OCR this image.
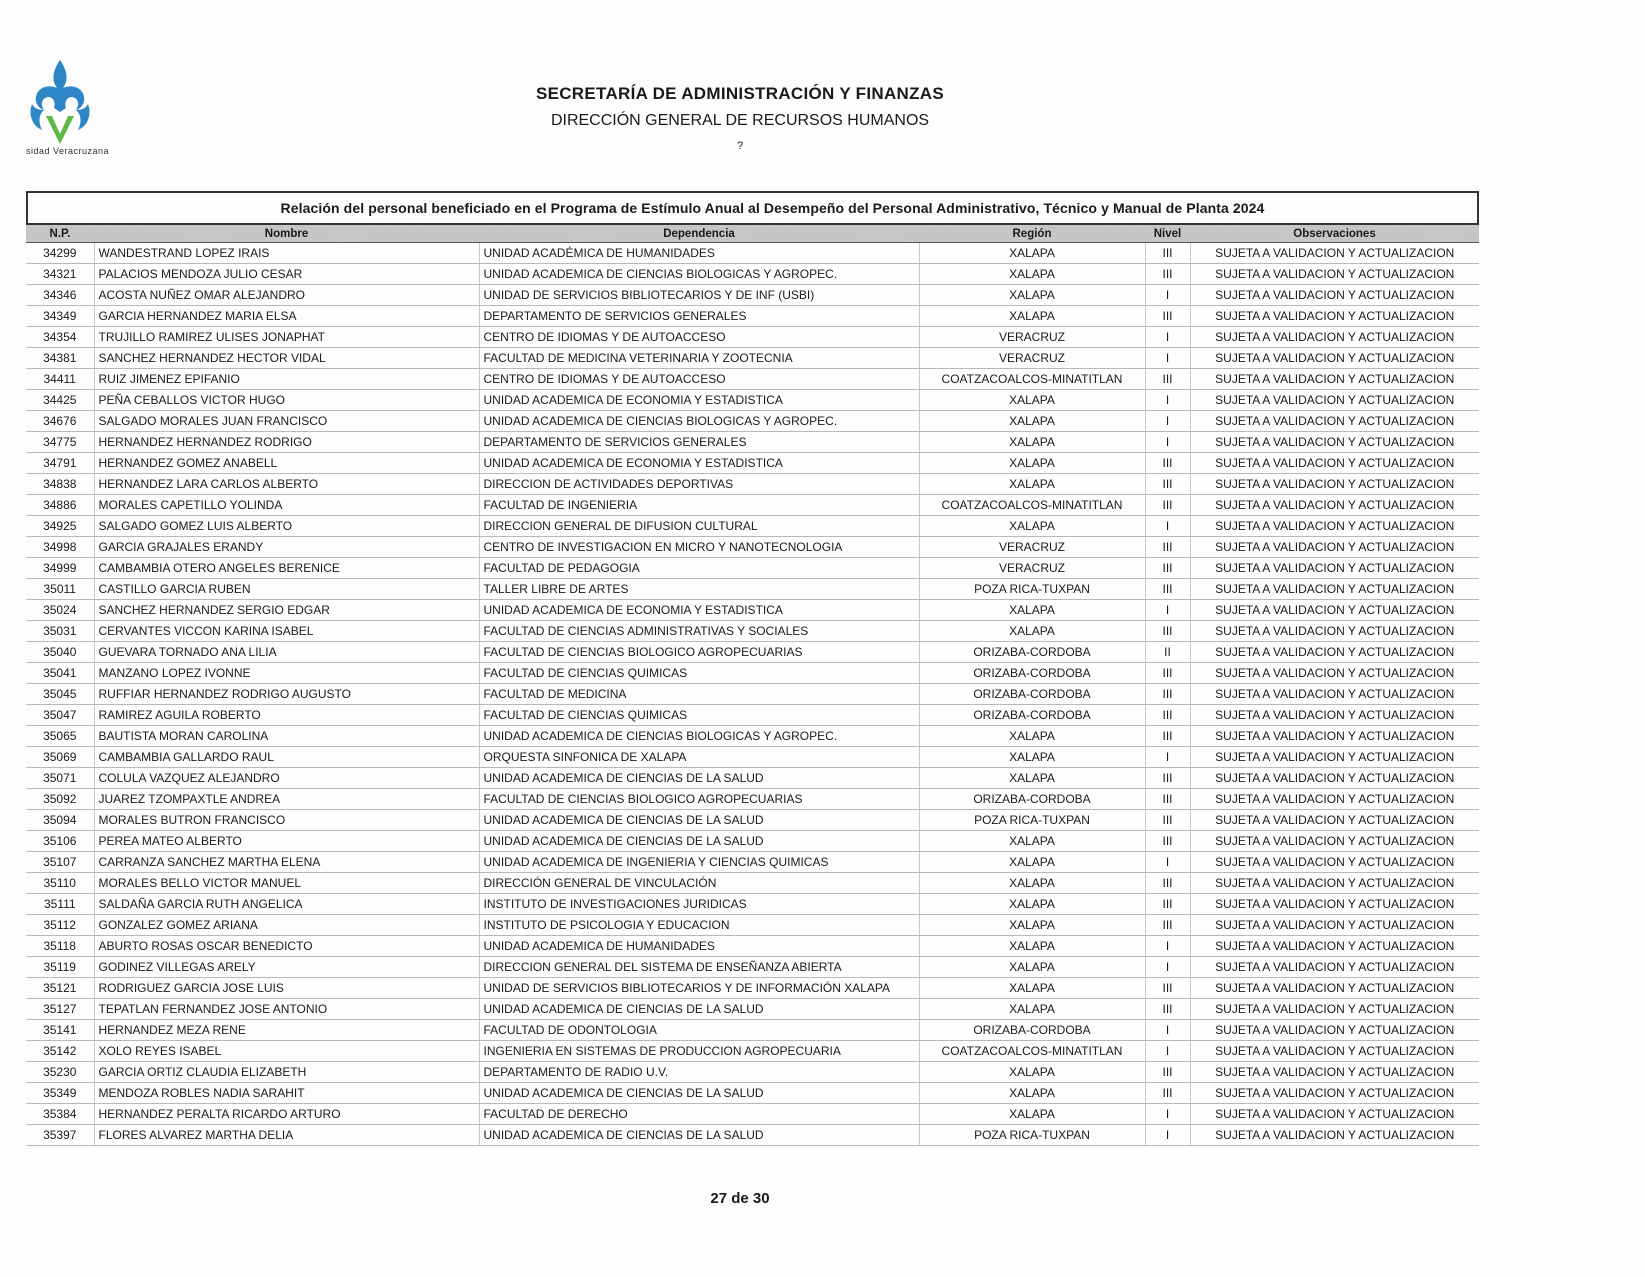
sidad Veracruzana
SECRETARÍA DE ADMINISTRACIÓN Y FINANZAS
DIRECCIÓN GENERAL DE RECURSOS HUMANOS
?
Relación del personal beneficiado en el Programa de Estímulo Anual al Desempeño del Personal Administrativo, Técnico y Manual de Planta 2024
N.P.	Nombre	Dependencia	Región	Nivel	Observaciones
34299	WANDESTRAND LOPEZ IRAIS	UNIDAD ACADÉMICA DE HUMANIDADES	XALAPA	III	SUJETA A VALIDACION Y ACTUALIZACION
34321	PALACIOS MENDOZA JULIO CESAR	UNIDAD ACADEMICA DE CIENCIAS BIOLOGICAS Y AGROPEC.	XALAPA	III	SUJETA A VALIDACION Y ACTUALIZACION
34346	ACOSTA NUÑEZ OMAR ALEJANDRO	UNIDAD DE SERVICIOS BIBLIOTECARIOS Y DE INF (USBI)	XALAPA	I	SUJETA A VALIDACION Y ACTUALIZACION
34349	GARCIA HERNANDEZ MARIA ELSA	DEPARTAMENTO DE SERVICIOS GENERALES	XALAPA	III	SUJETA A VALIDACION Y ACTUALIZACION
34354	TRUJILLO RAMIREZ ULISES JONAPHAT	CENTRO DE IDIOMAS Y DE AUTOACCESO	VERACRUZ	I	SUJETA A VALIDACION Y ACTUALIZACION
34381	SANCHEZ HERNANDEZ HECTOR VIDAL	FACULTAD DE MEDICINA VETERINARIA Y ZOOTECNIA	VERACRUZ	I	SUJETA A VALIDACION Y ACTUALIZACION
34411	RUIZ JIMENEZ EPIFANIO	CENTRO DE IDIOMAS Y DE AUTOACCESO	COATZACOALCOS-MINATITLAN	III	SUJETA A VALIDACION Y ACTUALIZACION
34425	PEÑA CEBALLOS VICTOR HUGO	UNIDAD ACADEMICA DE ECONOMIA Y ESTADISTICA	XALAPA	I	SUJETA A VALIDACION Y ACTUALIZACION
34676	SALGADO MORALES JUAN FRANCISCO	UNIDAD ACADEMICA DE CIENCIAS BIOLOGICAS Y AGROPEC.	XALAPA	I	SUJETA A VALIDACION Y ACTUALIZACION
34775	HERNANDEZ HERNANDEZ RODRIGO	DEPARTAMENTO DE SERVICIOS GENERALES	XALAPA	I	SUJETA A VALIDACION Y ACTUALIZACION
34791	HERNANDEZ GOMEZ ANABELL	UNIDAD ACADEMICA DE ECONOMIA Y ESTADISTICA	XALAPA	III	SUJETA A VALIDACION Y ACTUALIZACION
34838	HERNANDEZ LARA CARLOS ALBERTO	DIRECCION DE ACTIVIDADES DEPORTIVAS	XALAPA	III	SUJETA A VALIDACION Y ACTUALIZACION
34886	MORALES CAPETILLO YOLINDA	FACULTAD DE INGENIERIA	COATZACOALCOS-MINATITLAN	III	SUJETA A VALIDACION Y ACTUALIZACION
34925	SALGADO GOMEZ LUIS ALBERTO	DIRECCION GENERAL DE DIFUSION CULTURAL	XALAPA	I	SUJETA A VALIDACION Y ACTUALIZACION
34998	GARCIA GRAJALES ERANDY	CENTRO DE INVESTIGACION EN MICRO Y NANOTECNOLOGIA	VERACRUZ	III	SUJETA A VALIDACION Y ACTUALIZACION
34999	CAMBAMBIA OTERO ANGELES BERENICE	FACULTAD DE PEDAGOGIA	VERACRUZ	III	SUJETA A VALIDACION Y ACTUALIZACION
35011	CASTILLO GARCIA RUBEN	TALLER LIBRE DE ARTES	POZA RICA-TUXPAN	III	SUJETA A VALIDACION Y ACTUALIZACION
35024	SANCHEZ HERNANDEZ SERGIO EDGAR	UNIDAD ACADEMICA DE ECONOMIA Y ESTADISTICA	XALAPA	I	SUJETA A VALIDACION Y ACTUALIZACION
35031	CERVANTES VICCON KARINA ISABEL	FACULTAD DE CIENCIAS ADMINISTRATIVAS Y SOCIALES	XALAPA	III	SUJETA A VALIDACION Y ACTUALIZACION
35040	GUEVARA TORNADO ANA LILIA	FACULTAD DE CIENCIAS BIOLOGICO AGROPECUARIAS	ORIZABA-CORDOBA	II	SUJETA A VALIDACION Y ACTUALIZACION
35041	MANZANO LOPEZ IVONNE	FACULTAD DE CIENCIAS QUIMICAS	ORIZABA-CORDOBA	III	SUJETA A VALIDACION Y ACTUALIZACION
35045	RUFFIAR HERNANDEZ RODRIGO AUGUSTO	FACULTAD DE MEDICINA	ORIZABA-CORDOBA	III	SUJETA A VALIDACION Y ACTUALIZACION
35047	RAMIREZ AGUILA ROBERTO	FACULTAD DE CIENCIAS QUIMICAS	ORIZABA-CORDOBA	III	SUJETA A VALIDACION Y ACTUALIZACION
35065	BAUTISTA MORAN CAROLINA	UNIDAD ACADEMICA DE CIENCIAS BIOLOGICAS Y AGROPEC.	XALAPA	III	SUJETA A VALIDACION Y ACTUALIZACION
35069	CAMBAMBIA GALLARDO RAUL	ORQUESTA SINFONICA DE XALAPA	XALAPA	I	SUJETA A VALIDACION Y ACTUALIZACION
35071	COLULA VAZQUEZ ALEJANDRO	UNIDAD ACADEMICA DE CIENCIAS DE LA SALUD	XALAPA	III	SUJETA A VALIDACION Y ACTUALIZACION
35092	JUAREZ TZOMPAXTLE ANDREA	FACULTAD DE CIENCIAS BIOLOGICO AGROPECUARIAS	ORIZABA-CORDOBA	III	SUJETA A VALIDACION Y ACTUALIZACION
35094	MORALES BUTRON FRANCISCO	UNIDAD ACADEMICA DE CIENCIAS DE LA SALUD	POZA RICA-TUXPAN	III	SUJETA A VALIDACION Y ACTUALIZACION
35106	PEREA MATEO ALBERTO	UNIDAD ACADEMICA DE CIENCIAS DE LA SALUD	XALAPA	III	SUJETA A VALIDACION Y ACTUALIZACION
35107	CARRANZA SANCHEZ MARTHA ELENA	UNIDAD ACADEMICA DE INGENIERIA Y CIENCIAS QUIMICAS	XALAPA	I	SUJETA A VALIDACION Y ACTUALIZACION
35110	MORALES BELLO VICTOR MANUEL	DIRECCIÓN GENERAL DE VINCULACIÓN	XALAPA	III	SUJETA A VALIDACION Y ACTUALIZACION
35111	SALDAÑA GARCIA RUTH ANGELICA	INSTITUTO DE INVESTIGACIONES JURIDICAS	XALAPA	III	SUJETA A VALIDACION Y ACTUALIZACION
35112	GONZALEZ GOMEZ ARIANA	INSTITUTO DE PSICOLOGIA Y EDUCACION	XALAPA	III	SUJETA A VALIDACION Y ACTUALIZACION
35118	ABURTO ROSAS OSCAR BENEDICTO	UNIDAD ACADEMICA DE HUMANIDADES	XALAPA	I	SUJETA A VALIDACION Y ACTUALIZACION
35119	GODINEZ VILLEGAS ARELY	DIRECCION GENERAL DEL SISTEMA DE ENSEÑANZA ABIERTA	XALAPA	I	SUJETA A VALIDACION Y ACTUALIZACION
35121	RODRIGUEZ GARCIA JOSE LUIS	UNIDAD DE SERVICIOS BIBLIOTECARIOS Y DE INFORMACIÓN XALAPA	XALAPA	III	SUJETA A VALIDACION Y ACTUALIZACION
35127	TEPATLAN FERNANDEZ JOSE ANTONIO	UNIDAD ACADEMICA DE CIENCIAS DE LA SALUD	XALAPA	III	SUJETA A VALIDACION Y ACTUALIZACION
35141	HERNANDEZ MEZA RENE	FACULTAD DE ODONTOLOGIA	ORIZABA-CORDOBA	I	SUJETA A VALIDACION Y ACTUALIZACION
35142	XOLO REYES ISABEL	INGENIERIA EN SISTEMAS DE PRODUCCION AGROPECUARIA	COATZACOALCOS-MINATITLAN	I	SUJETA A VALIDACION Y ACTUALIZACION
35230	GARCIA ORTIZ CLAUDIA ELIZABETH	DEPARTAMENTO DE RADIO U.V.	XALAPA	III	SUJETA A VALIDACION Y ACTUALIZACION
35349	MENDOZA ROBLES NADIA SARAHIT	UNIDAD ACADEMICA DE CIENCIAS DE LA SALUD	XALAPA	III	SUJETA A VALIDACION Y ACTUALIZACION
35384	HERNANDEZ PERALTA RICARDO ARTURO	FACULTAD DE DERECHO	XALAPA	I	SUJETA A VALIDACION Y ACTUALIZACION
35397	FLORES ALVAREZ MARTHA DELIA	UNIDAD ACADEMICA DE CIENCIAS DE LA SALUD	POZA RICA-TUXPAN	I	SUJETA A VALIDACION Y ACTUALIZACION
27 de 30
